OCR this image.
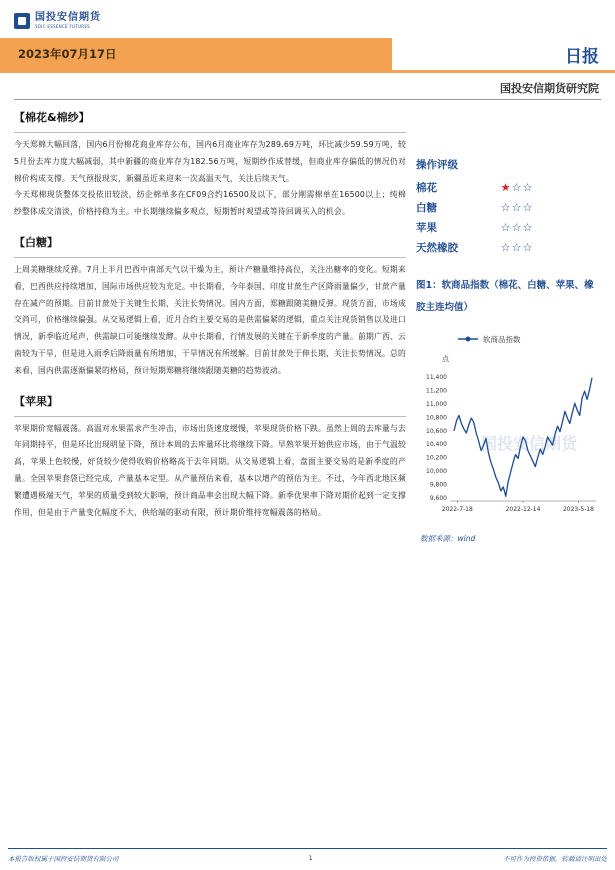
国投安信期货
SDIC ESSENCE FUTURES
2023年07月17日	日报
国投安信期货研究院
【棉花&棉纱】

今天郑棉大幅回落，国内6月份棉花商业库存公布，国内6月商业库存为289.69万吨，环比减少59.59万吨，较5月份去库力度大幅减弱，其中新疆的商业库存为182.56万吨，短期纱作成替缓，但商业库存偏低的情况仍对棉价构成支撑。天气预报现实，新疆虽近来迎来一次高温天气，关注后续天气。

今天郑棉现货整体交投依旧较淡，纺企棉单多在CF09合约16500及以下，部分刚需棉单在16500以上；纯棉纱整体成交清淡，价格持稳为主。中长期继续偏多观点，短期暂时观望或等待回调买入的机会。

【白糖】

上周美糖继续反弹。7月上半月巴西中南部天气以干燥为主，预计产糖量维持高位，关注出糖率的变化。短期来看，巴西供应持续增加，国际市场供应较为充足。中长期看，今年泰国、印度甘蔗生产区降雨量偏少，甘蔗产量存在减产的预期。目前甘蔗处于关键生长期，关注长势情况。国内方面，郑糖跟随美糖反弹。现货方面，市场成交尚可，价格继续偏强。从交易逻辑上看，近月合约主要交易的是供需偏紧的逻辑，重点关注现货销售以及进口情况，新季临近尾声，供需缺口可能继续发酵。从中长期看，行情发展的关键在于新季度的产量。前期广西、云南较为干旱，但是进入雨季后降雨量有所增加，干旱情况有所缓解。目前甘蔗处于伸长期，关注长势情况。总的来看，国内供需逐渐偏紧的格局，预计短期郑糖将继续跟随美糖的趋势波动。

【苹果】

苹果期价宽幅震荡。高温对水果需求产生冲击，市场出货速度缓慢，苹果现货价格下跌。虽然上周的去库量与去年同期持平，但是环比出现明显下降，预计本周的去库量环比将继续下降。早熟苹果开始供应市场，由于气温较高，苹果上色较慢，好货较少使得收购价格略高于去年同期。从交易逻辑上看，盘面主要交易的是新季度的产量。全国苹果套袋已经完成，产量基本定型。从产量预估来看，基本以增产的预估为主。不过，今年西北地区频繁遭遇极端天气，苹果的质量受到较大影响，预计商品率会出现大幅下降。新季优果率下降对期价起到一定支撑作用，但是由于产量变化幅度不大，供给端的驱动有限，预计期价维持宽幅震荡的格局。

操作评级
棉花	★ ☆ ☆
白糖	☆ ☆ ☆
苹果	☆ ☆ ☆
天然橡胶	☆ ☆ ☆
图1：软商品指数（棉花、白糖、苹果、橡胶主连均值）
国投安信期货
软商品指数
点
9,600
9,800
10,000
10,200
10,400
10,600
10,800
11,000
11,200
11,400
2022-7-18	2022-12-14	2023-5-18
数据来源：wind
本报告版权属于国投安信期货有限公司	1	不可作为投资依据，转载请注明出处
